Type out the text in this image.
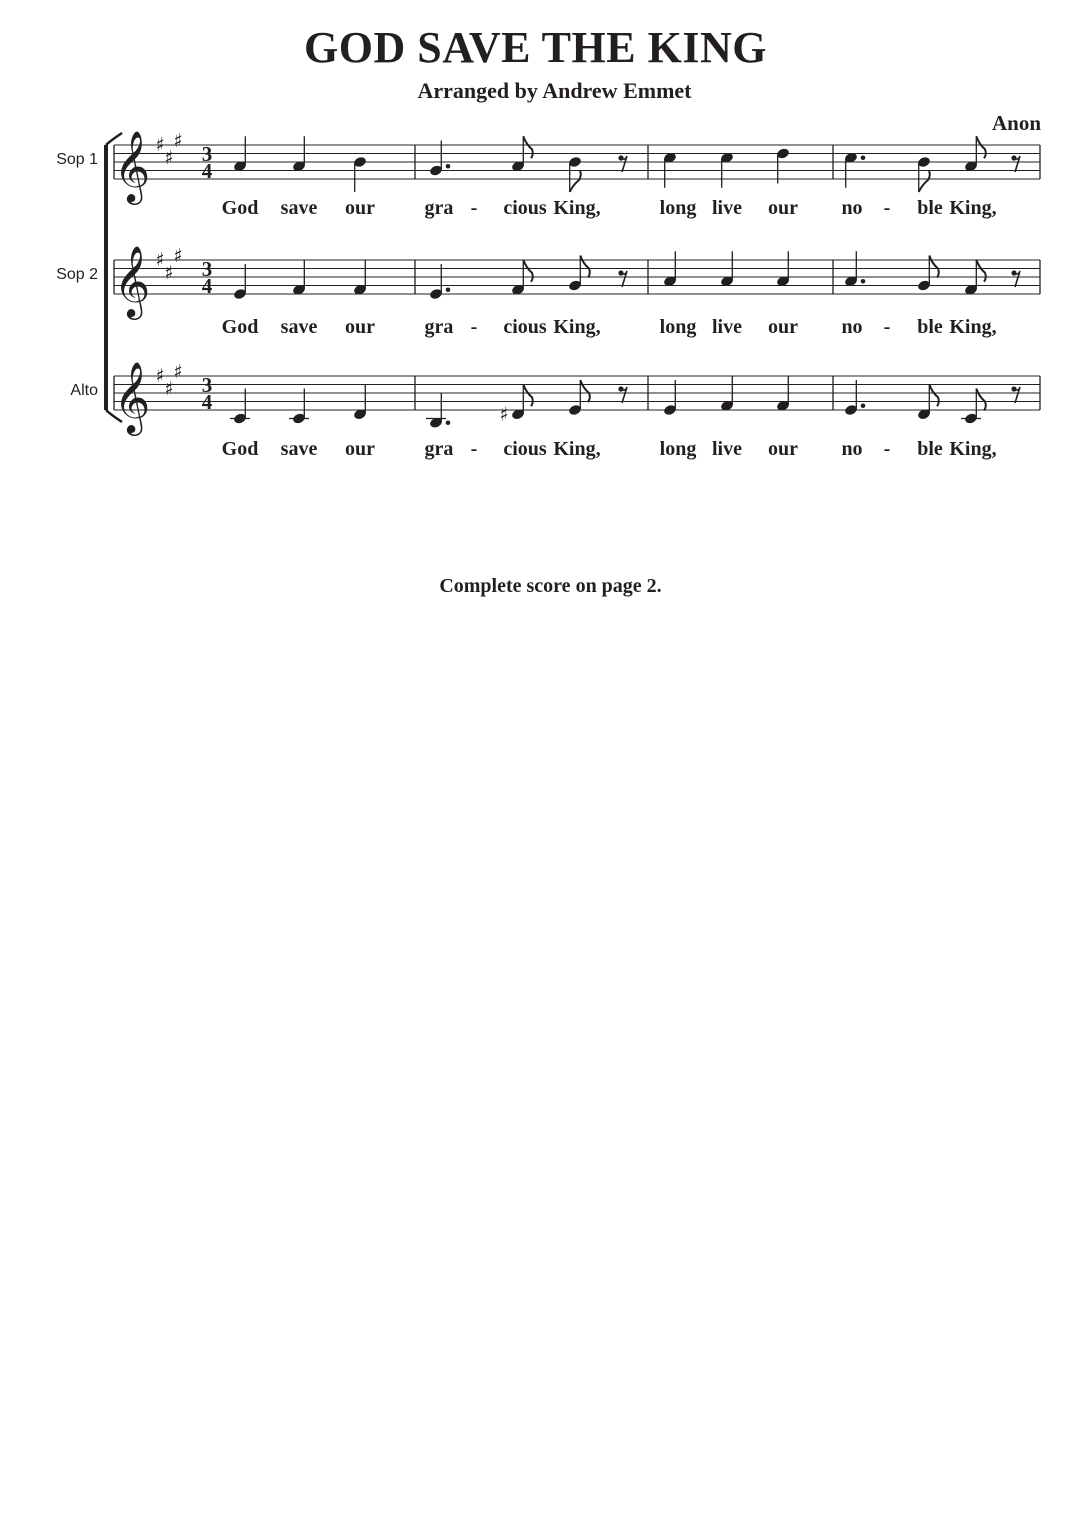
GOD SAVE THE KING
Arranged by Andrew Emmet
Anon
Sop 1 𝄞 ♯
♯
♯
3
4
God save our gra - cious King,	long live our no - ble King,
Sop 2 𝄞 ♯
♯
♯
3
4
God save our gra - cious King,	long live our no - ble King,
Alto 𝄞 ♯
♯
♯
3
4
♯
God save our gra - cious King,	long live our no - ble King,
Complete score on page 2.
